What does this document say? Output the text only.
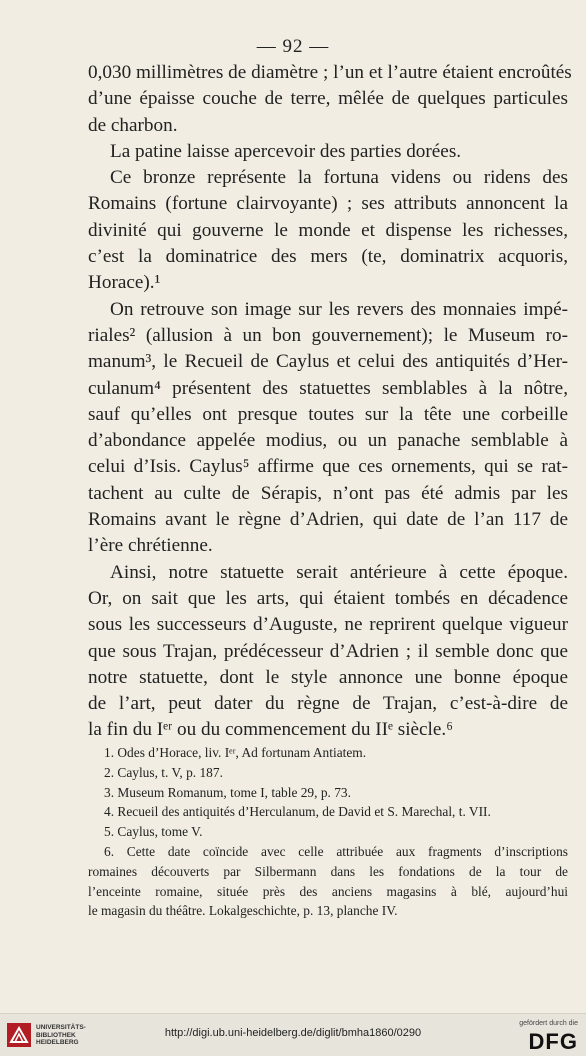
— 92 —
0,030 millimètres de diamètre ; l’un et l’autre étaient encroûtés
d’une épaisse couche de terre, mêlée de quelques particules
de charbon.
La patine laisse apercevoir des parties dorées.
Ce bronze représente la fortuna videns ou ridens des
Romains (fortune clairvoyante) ; ses attributs annoncent la
divinité qui gouverne le monde et dispense les richesses,
c’est la dominatrice des mers (te, dominatrix acquoris,
Horace).¹
On retrouve son image sur les revers des monnaies impé-
riales² (allusion à un bon gouvernement); le Museum ro-
manum³, le Recueil de Caylus et celui des antiquités d’Her-
culanum⁴ présentent des statuettes semblables à la nôtre,
sauf qu’elles ont presque toutes sur la tête une corbeille
d’abondance appelée modius, ou un panache semblable à
celui d’Isis. Caylus⁵ affirme que ces ornements, qui se rat-
tachent au culte de Sérapis, n’ont pas été admis par les
Romains avant le règne d’Adrien, qui date de l’an 117 de
l’ère chrétienne.
Ainsi, notre statuette serait antérieure à cette époque.
Or, on sait que les arts, qui étaient tombés en décadence
sous les successeurs d’Auguste, ne reprirent quelque vigueur
que sous Trajan, prédécesseur d’Adrien ; il semble donc que
notre statuette, dont le style annonce une bonne époque
de l’art, peut dater du règne de Trajan, c’est-à-dire de
la fin du Iᵉʳ ou du commencement du IIᵉ siècle.⁶
1. Odes d’Horace, liv. Iᵉʳ, Ad fortunam Antiatem.
2. Caylus, t. V, p. 187.
3. Museum Romanum, tome I, table 29, p. 73.
4. Recueil des antiquités d’Herculanum, de David et S. Marechal, t. VII.
5. Caylus, tome V.
6. Cette date coïncide avec celle attribuée aux fragments d’inscriptions
romaines découverts par Silbermann dans les fondations de la tour de
l’enceinte romaine, située près des anciens magasins à blé, aujourd’hui
le magasin du théâtre. Lokalgeschichte, p. 13, planche IV.
UNIVERSITÄTS-
BIBLIOTHEK
HEIDELBERG
http://digi.ub.uni-heidelberg.de/diglit/bmha1860/0290
gefördert durch die
DFG
